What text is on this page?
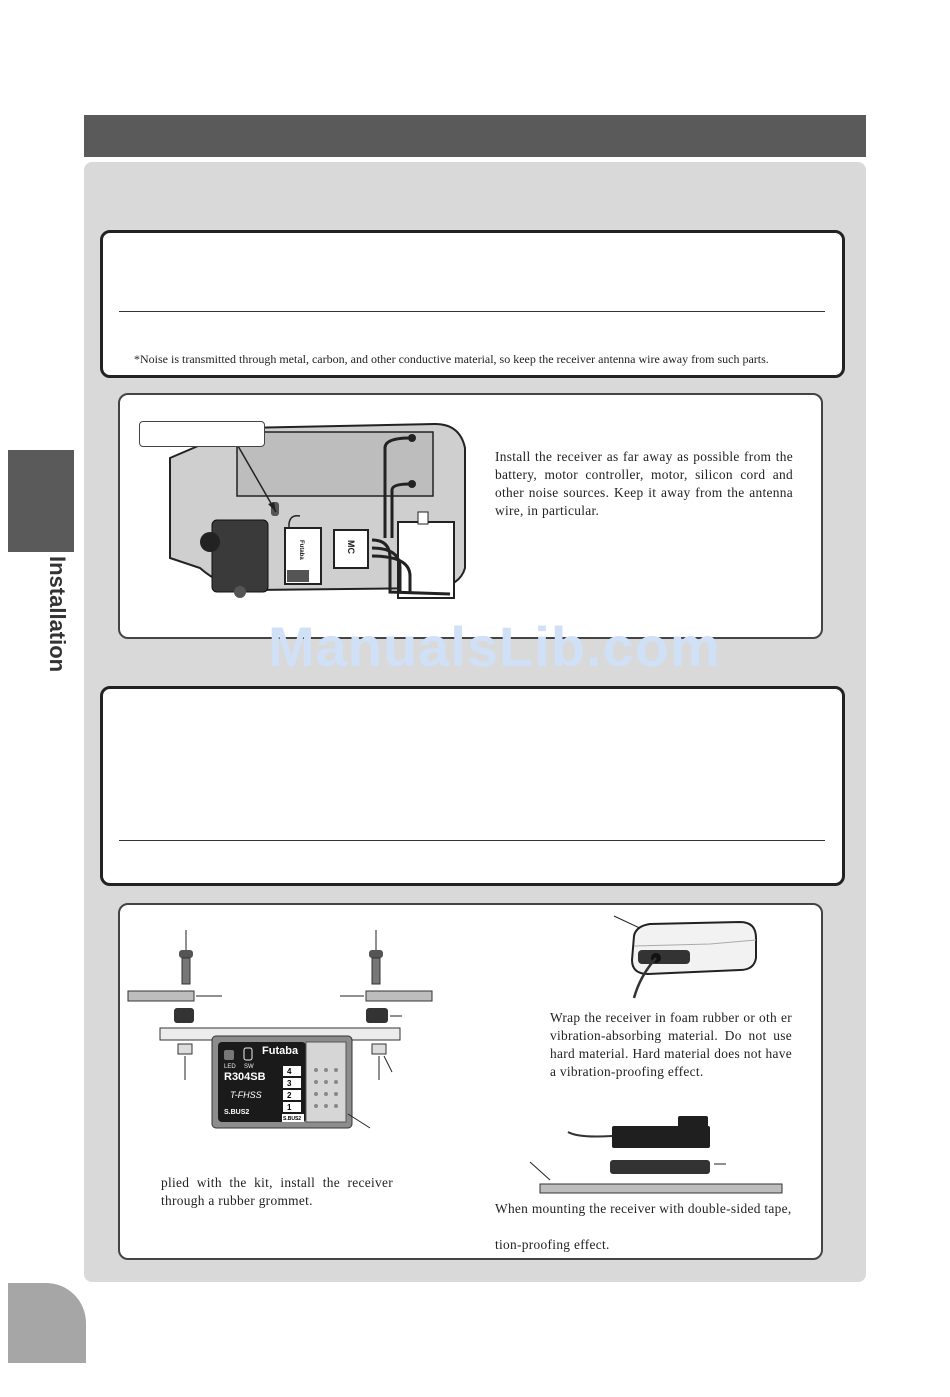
Installation
*Noise is transmitted through metal, carbon, and other conductive material, so keep the receiver antenna wire away from such parts.
Futaba	MC
Install the receiver as far away as possible from the battery, motor controller, motor, silicon cord and other noise sources. Keep it away from the antenna wire, in particular.
ManualsLib.com
LED SW
Futaba
R304SB
T-FHSS
S.BUS2
4
3
2
1
S.BUS2
plied with the kit, install the receiver through a rubber grommet.
Wrap the receiver in foam rubber or oth er vibration-absorbing material. Do not use hard material. Hard material does not have a vibration-proofing effect.
When mounting the receiver with double-sided tape,
tion-proofing effect.
